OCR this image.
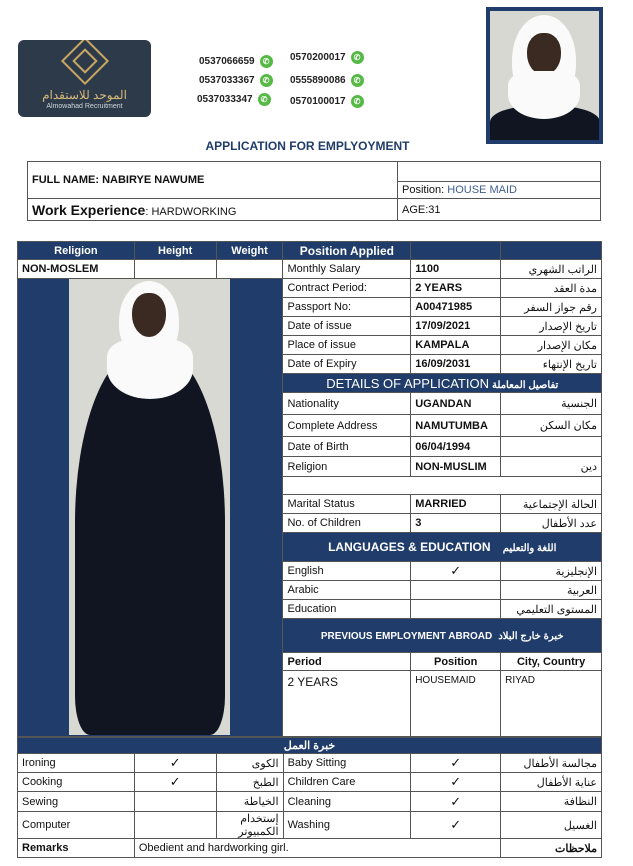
الموحد للاستقدام
Almowahad Recruitment
0537066659	✆
0537033367	✆
0537033347	✆
0570200017	✆
0555890086	✆
0570100017	✆
APPLICATION FOR EMPLYOYMENT
FULL NAME: NABIRYE NAWUME	
	Position: HOUSE MAID
Work Experience: HARDWORKING	AGE:31
Religion	Height	Weight	Position Applied		
NON-MOSLEM			Monthly Salary	1100	الراتب الشهري

			Contract Period:	2 YEARS	مدة العقد
			Passport No:	A00471985	رقم جواز السفر
			Date of issue	17/09/2021	تاريخ الإصدار
			Place of issue	KAMPALA	مكان الإصدار
			Date of Expiry	16/09/2031	تاريخ الإنتهاء
			DETAILS OF APPLICATION تفاصيل المعاملة		
			Nationality	UGANDAN	الجنسية
			Complete Address	NAMUTUMBA	مكان السكن
			Date of Birth	06/04/1994	
			Religion	NON-MUSLIM	دين

			Marital Status	MARRIED	الحالة الإجتماعية
			No. of Children	3	عدد الأطفال
			LANGUAGES & EDUCATION اللغة والتعليم		
			English	✓	الإنجليزية
			Arabic		العربية
			Education		المستوى التعليمي
			PREVIOUS EMPLOYMENT ABROAD خبرة خارج البلاد		
			Period	Position	City, Country
			2 YEARS	HOUSEMAID	RIYAD
خبرة العمل					
Ironing	✓	الكوى	Baby Sitting	✓	مجالسة الأطفال
Cooking	✓	الطبخ	Children Care	✓	عناية الأطفال
Sewing		الخياطة	Cleaning	✓	النظافة
Computer		إستخدام الكمبيوتر	Washing	✓	الغسيل
Remarks	Obedient and hardworking girl.				ملاحظات
